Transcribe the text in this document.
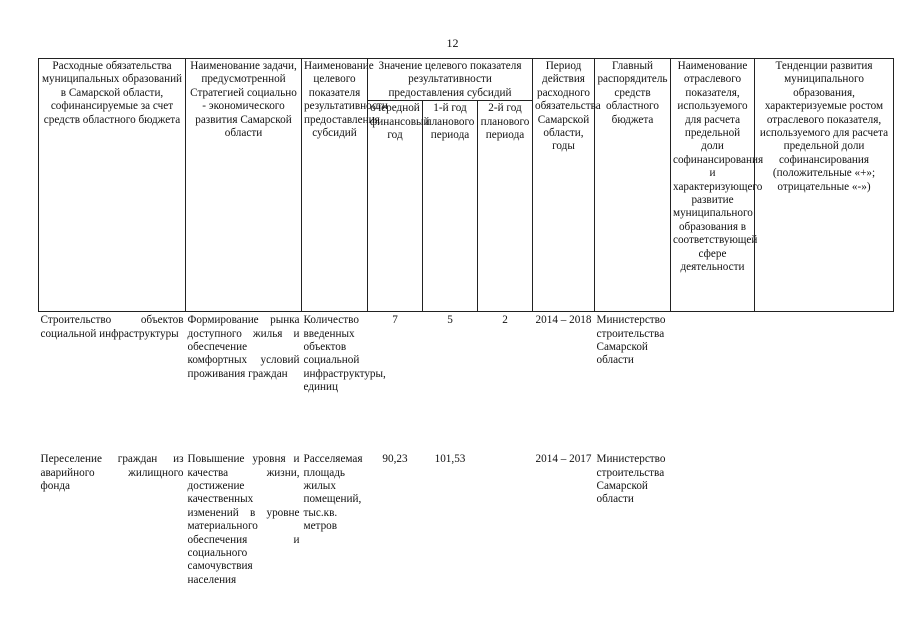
12
Расходные обязательства муниципальных образований в Самарской области, софинансируемые за счет средств областного бюджета	Наименование задачи, предусмотренной Стратегией социально - экономического развития Самарской области	Наименование целевого показателя результативности предоставления субсидий	Значение целевого показателя результативности предоставления субсидий			Период действия расходного обязательства Самарской области, годы	Главный распорядитель средств областного бюджета	Наименование отраслевого показателя, используемого для расчета предельной доли софинансирования и характеризующего развитие муниципального образования в соответствующей сфере деятельности	Тенденции развития муниципального образования, характеризуемые ростом отраслевого показателя, используемого для расчета предельной доли софинансирования (положительные «+»; отрицательные «-»)
			очередной финансовый год	1-й год планового периода	2-й год планового периода				
Строительство объектов социальной инфраструктуры	Формирование рынка доступного жилья и обеспечение комфортных условий проживания граждан	Количество введенных объектов социальной инфраструктуры, единиц	7	5	2	2014 – 2018	Министерство строительства Самарской области		
Переселение граждан из аварийного жилищного фонда	Повышение уровня и качества жизни, достижение качественных изменений в уровне материального обеспечения и социального самочувствия населения	Расселяемая площадь жилых помещений, тыс.кв. метров	90,23	101,53		2014 – 2017	Министерство строительства Самарской области		
